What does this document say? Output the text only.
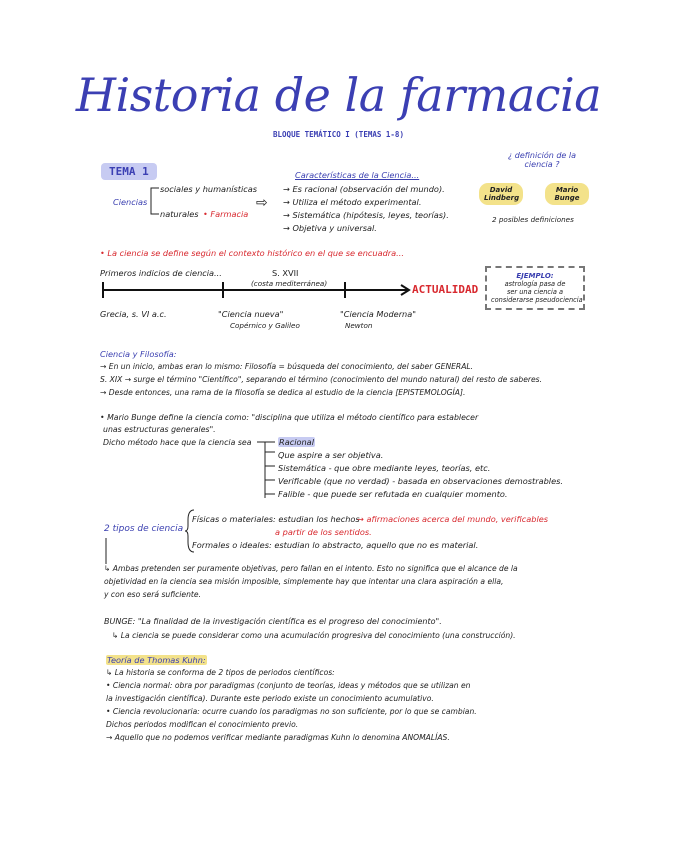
Historia de la farmacia
BLOQUE TEMÁTICO I (TEMAS 1-8)
TEMA 1
Ciencias
sociales y humanísticas
naturales • Farmacia
⇨
Características de la Ciencia...
→ Es racional (observación del mundo).
→ Utiliza el método experimental.
→ Sistemática (hipótesis, leyes, teorías).
→ Objetiva y universal.
¿ definición de la ciencia ?
David Lindberg
Mario Bunge
2 posibles definiciones
• La ciencia se define según el contexto histórico en el que se encuadra...
Primeros indicios de ciencia...	S. XVII
(costa mediterránea)	ACTUALIDAD
Grecia, s. VI a.c.	"Ciencia nueva"
Copérnico y Galileo
"Ciencia Moderna"
Newton
EJEMPLO:
astrología pasa de
ser una ciencia a
considerarse pseudociencia
Ciencia y Filosofía:
→ En un inicio, ambas eran lo mismo: Filosofía = búsqueda del conocimiento, del saber GENERAL.
S. XIX → surge el término "Científico", separando el término (conocimiento del mundo natural) del resto de saberes.
→ Desde entonces, una rama de la filosofía se dedica al estudio de la ciencia [EPISTEMOLOGÍA].
• Mario Bunge define la ciencia como: "disciplina que utiliza el método científico para establecer
unas estructuras generales".
Dicho método hace que la ciencia sea	Racional
Que aspire a ser objetiva.
Sistemática - que obre mediante leyes, teorías, etc.
Verificable (que no verdad) - basada en observaciones demostrables.
Falible - que puede ser refutada en cualquier momento.
2 tipos de ciencia
Físicas o materiales: estudian los hechos
→ afirmaciones acerca del mundo, verificables
a partir de los sentidos.
Formales o ideales: estudian lo abstracto, aquello que no es material.
↳ Ambas pretenden ser puramente objetivas, pero fallan en el intento. Esto no significa que el alcance de la
objetividad en la ciencia sea misión imposible, simplemente hay que intentar una clara aspiración a ella,
y con eso será suficiente.
BUNGE: "La finalidad de la investigación científica es el progreso del conocimiento".
↳ La ciencia se puede considerar como una acumulación progresiva del conocimiento (una construcción).
Teoría de Thomas Kuhn:
↳ La historia se conforma de 2 tipos de periodos científicos:
• Ciencia normal: obra por paradigmas (conjunto de teorías, ideas y métodos que se utilizan en
la investigación científica). Durante este periodo existe un conocimiento acumulativo.
• Ciencia revolucionaria: ocurre cuando los paradigmas no son suficiente, por lo que se cambian.
Dichos periodos modifican el conocimiento previo.
→ Aquello que no podemos verificar mediante paradigmas Kuhn lo denomina ANOMALÍAS.
